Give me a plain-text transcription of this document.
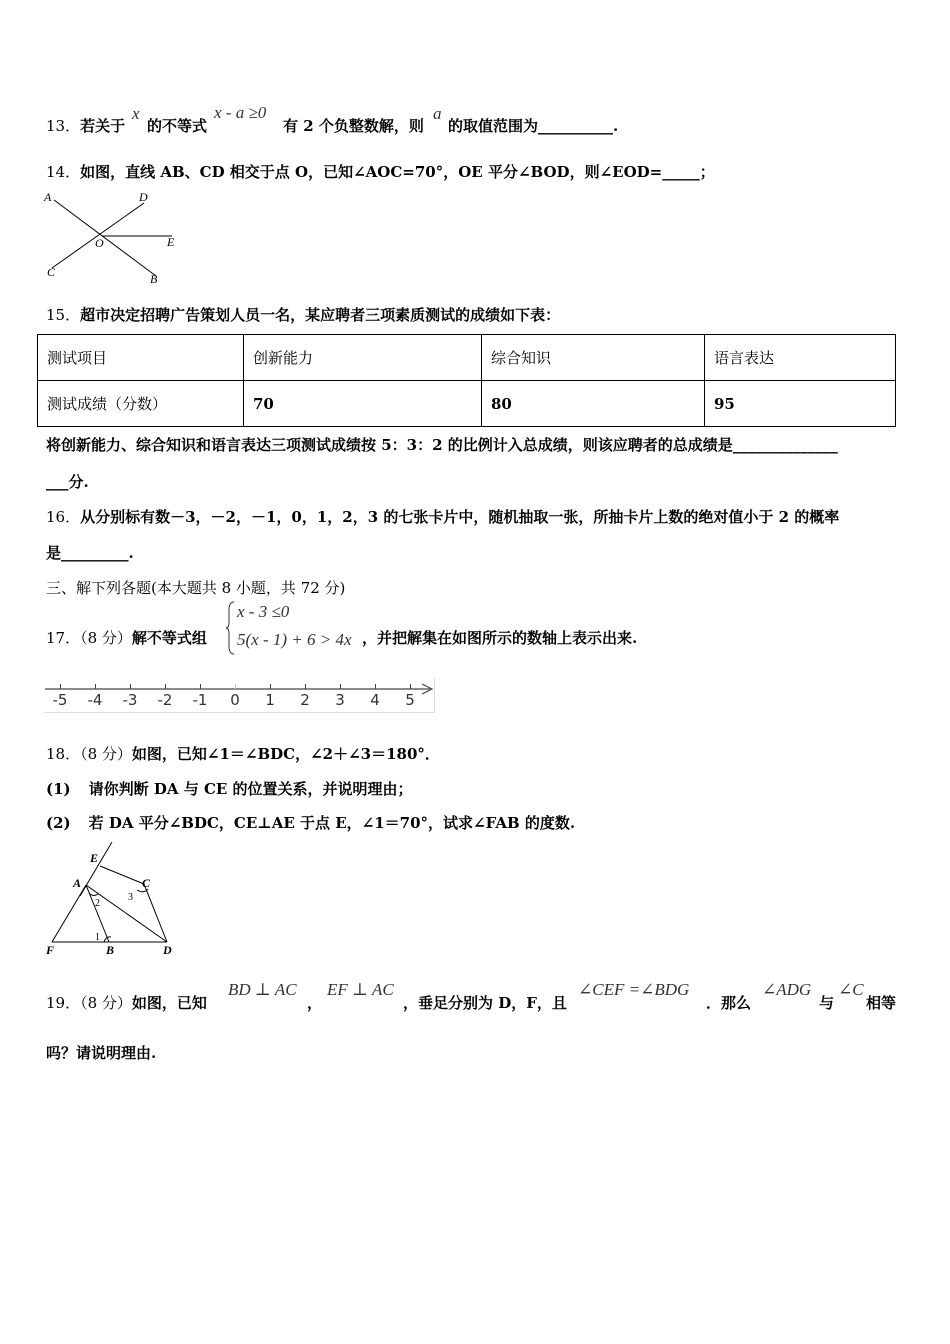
13．若关于
x
的不等式
x - a ≥0
有 2 个负整数解，则
a
的取值范围为__________.
14．如图，直线 AB、CD 相交于点 O，已知∠AOC=70°，OE 平分∠BOD，则∠EOD=_____；
A	D
O	E
C	B
15．超市决定招聘广告策划人员一名，某应聘者三项素质测试的成绩如下表：
测试项目	创新能力	综合知识	语言表达
测试成绩（分数）	70	80	95
将创新能力、综合知识和语言表达三项测试成绩按 5：3：2 的比例计入总成绩，则该应聘者的总成绩是______________
___分.
16．从分别标有数－3，－2，－1，0，1，2，3 的七张卡片中，随机抽取一张，所抽卡片上数的绝对值小于 2 的概率
是_________.
三、解下列各题(本大题共 8 小题，共 72 分)
17．（8 分）解不等式组
x - 3 ≤0
5(x - 1) + 6 > 4x ，并把解集在如图所示的数轴上表示出来.
-5	-4	-3	-2	-1	0	1	2	3	4	5
18．（8 分）如图，已知∠1＝∠BDC，∠2＋∠3＝180°．
(1) 请你判断 DA 与 CE 的位置关系，并说明理由；
(2) 若 DA 平分∠BDC，CE⊥AE 于点 E，∠1＝70°，试求∠FAB 的度数.
E
A	C
F	B	D
1
2
3
19．（8 分）如图，已知
BD ⊥ AC
，
EF ⊥ AC
，垂足分别为 D，F，且
∠CEF =∠BDG
．那么
∠ADG
与
∠C
相等
吗？请说明理由.
